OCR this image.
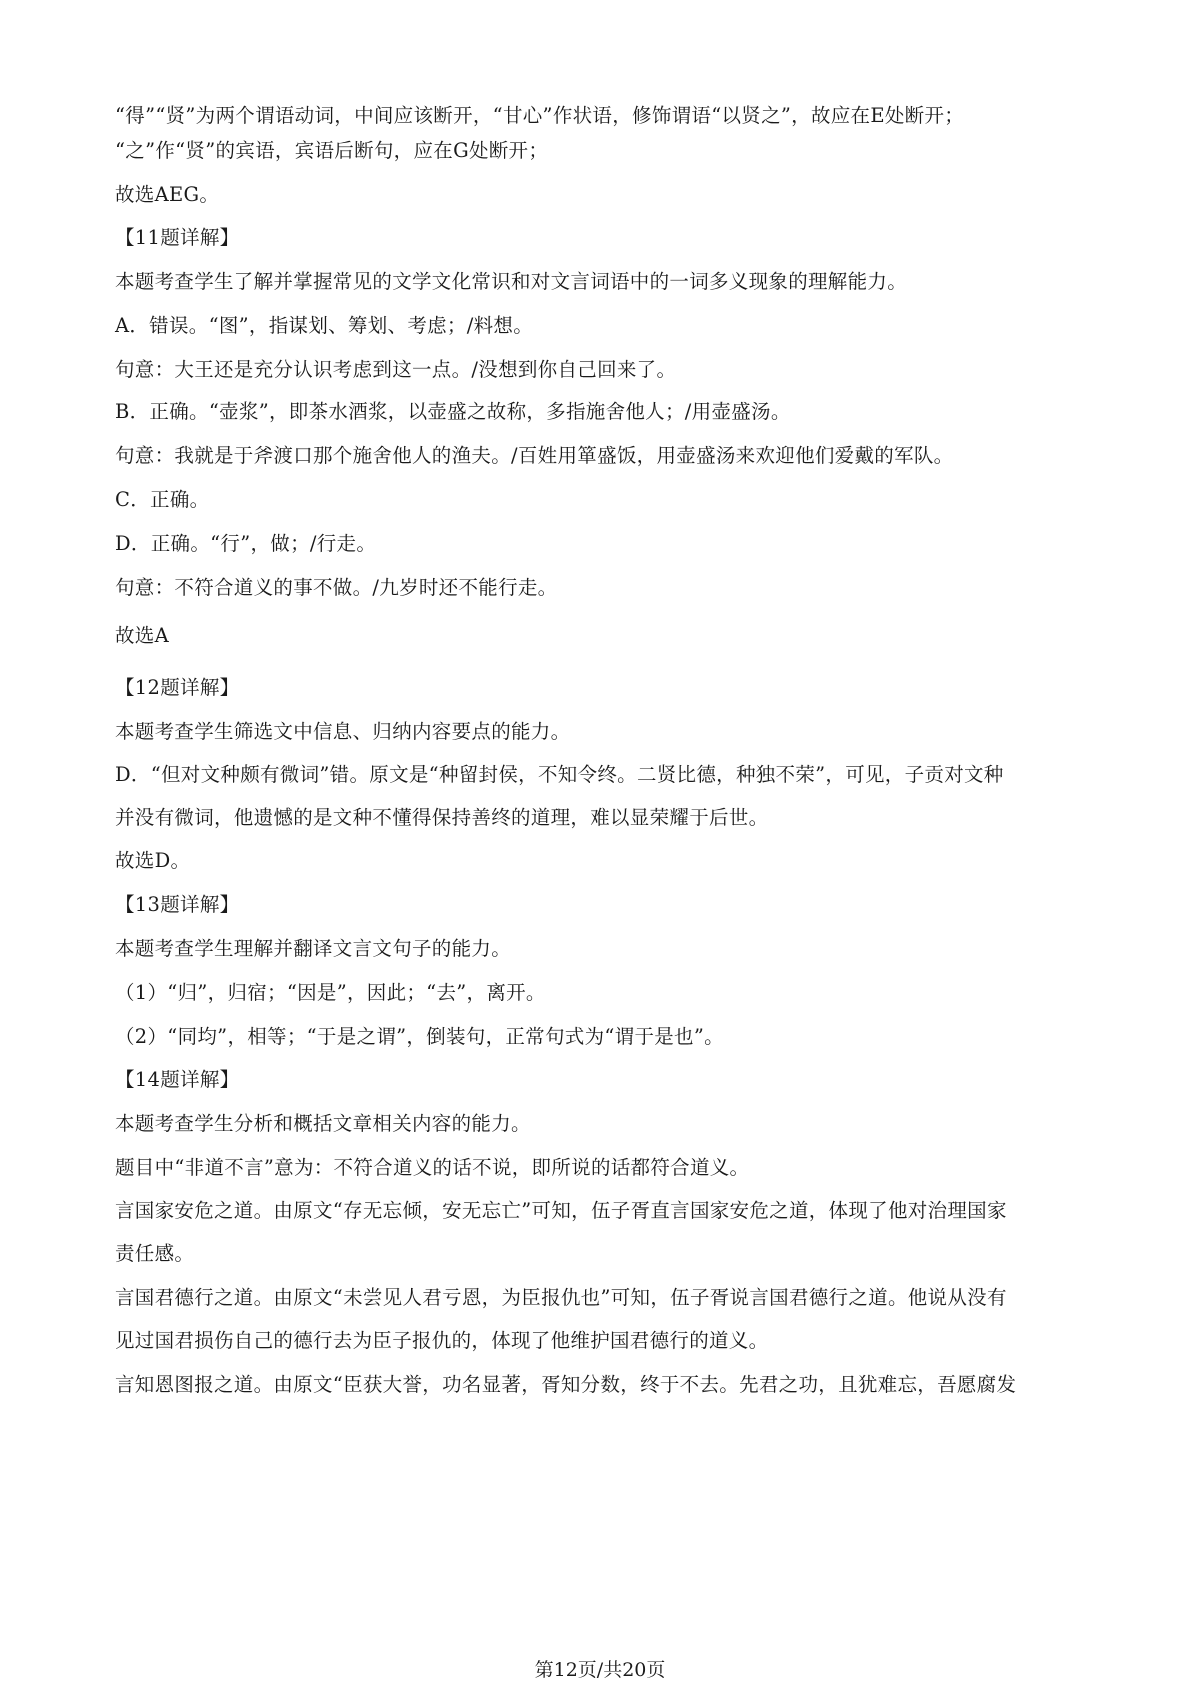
“得”“贤”为两个谓语动词，中间应该断开，“甘心”作状语，修饰谓语“以贤之”，故应在E处断开；
“之”作“贤”的宾语，宾语后断句，应在G处断开；
故选AEG。
【11题详解】
本题考查学生了解并掌握常见的文学文化常识和对文言词语中的一词多义现象的理解能力。
A．错误。“图”，指谋划、筹划、考虑；/料想。
句意：大王还是充分认识考虑到这一点。/没想到你自己回来了。
B．正确。“壶浆”，即茶水酒浆，以壶盛之故称，多指施舍他人；/用壶盛汤。
句意：我就是于斧渡口那个施舍他人的渔夫。/百姓用箪盛饭，用壶盛汤来欢迎他们爱戴的军队。
C．正确。
D．正确。“行”，做；/行走。
句意：不符合道义的事不做。/九岁时还不能行走。
故选A
【12题详解】
本题考查学生筛选文中信息、归纳内容要点的能力。
D．“但对文种颇有微词”错。原文是“种留封侯，不知令终。二贤比德，种独不荣”，可见，子贡对文种
并没有微词，他遗憾的是文种不懂得保持善终的道理，难以显荣耀于后世。
故选D。
【13题详解】
本题考查学生理解并翻译文言文句子的能力。
（1）“归”，归宿；“因是”，因此；“去”，离开。
（2）“同均”，相等；“于是之谓”，倒装句，正常句式为“谓于是也”。
【14题详解】
本题考查学生分析和概括文章相关内容的能力。
题目中“非道不言”意为：不符合道义的话不说，即所说的话都符合道义。
言国家安危之道。由原文“存无忘倾，安无忘亡”可知，伍子胥直言国家安危之道，体现了他对治理国家
责任感。
言国君德行之道。由原文“未尝见人君亏恩，为臣报仇也”可知，伍子胥说言国君德行之道。他说从没有
见过国君损伤自己的德行去为臣子报仇的，体现了他维护国君德行的道义。
言知恩图报之道。由原文“臣获大誉，功名显著，胥知分数，终于不去。先君之功，且犹难忘，吾愿腐发
第12页/共20页
